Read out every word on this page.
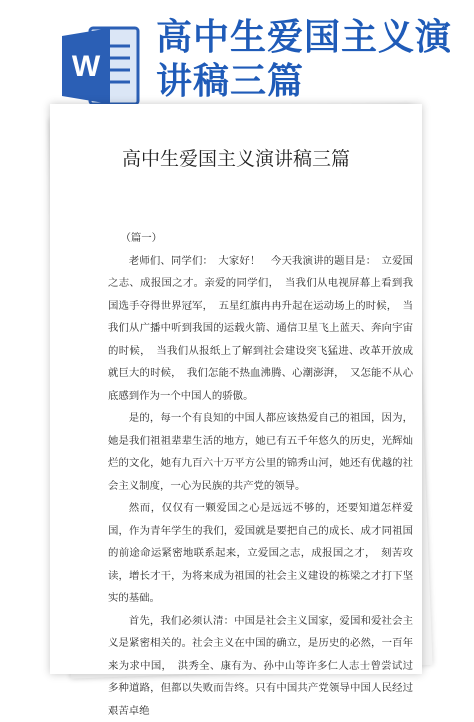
W
高中生爱国主义演讲稿三篇
高中生爱国主义演讲稿三篇

（篇一）

老师们、同学们：　大家好！　今天我演讲的题目是：　立爱国之志、成报国之才。亲爱的同学们，　当我们从电视屏幕上看到我国选手夺得世界冠军，　五星红旗冉冉升起在运动场上的时候，　当我们从广播中听到我国的运载火箭、通信卫星飞上蓝天、奔向宇宙的时候，　当我们从报纸上了解到社会建设突飞猛进、改革开放成就巨大的时候，　我们怎能不热血沸腾、心潮澎湃，　又怎能不从心底感到作为一个中国人的骄傲。

是的，每一个有良知的中国人都应该热爱自己的祖国，因为，她是我们祖祖辈辈生活的地方，她已有五千年悠久的历史，光辉灿烂的文化，她有九百六十万平方公里的锦秀山河，她还有优越的社会主义制度，一心为民族的共产党的领导。

然而，仅仅有一颗爱国之心是远远不够的，还要知道怎样爱国，作为青年学生的我们，爱国就是要把自己的成长、成才同祖国的前途命运紧密地联系起来，立爱国之志，成报国之才，　刻苦攻读，增长才干，为将来成为祖国的社会主义建设的栋梁之才打下坚实的基础。

首先，我们必须认清：中国是社会主义国家，爱国和爱社会主义是紧密相关的。社会主义在中国的确立，是历史的必然，一百年来为求中国，　洪秀全、康有为、孙中山等许多仁人志士曾尝试过多种道路，但都以失败而告终。只有中国共产党领导中国人民经过艰苦卓绝
